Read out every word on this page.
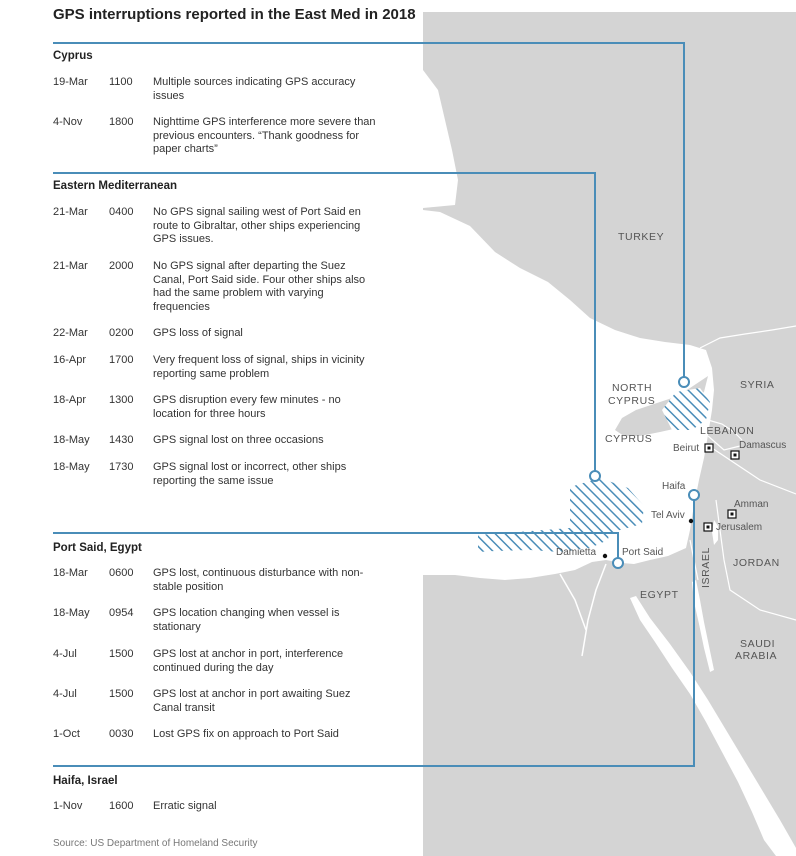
TURKEY
SYRIA
NORTH
CYPRUS
CYPRUS
LEBANON
Beirut	Damascus
Haifa
Tel Aviv
Amman
Jerusalem
ISRAEL JORDAN
Damietta	Port Said
EGYPT
SAUDI
ARABIA
GPS interruptions reported in the East Med in 2018
Cyprus
19-Mar	1100	Multiple sources indicating GPS accuracy issues
4-Nov	1800	Nighttime GPS interference more severe than previous encounters. “Thank goodness for paper charts”
Eastern Mediterranean
21-Mar	0400	No GPS signal sailing west of Port Said en route to Gibraltar, other ships experiencing GPS issues.
21-Mar	2000	No GPS signal after departing the Suez Canal, Port Said side. Four other ships also had the same problem with varying frequencies
22-Mar	0200	GPS loss of signal
16-Apr	1700	Very frequent loss of signal, ships in vicinity reporting same problem
18-Apr	1300	GPS disruption every few minutes - no location for three hours
18-May	1430	GPS signal lost on three occasions
18-May	1730	GPS signal lost or incorrect, other ships reporting the same issue
Port Said, Egypt
18-Mar	0600	GPS lost, continuous disturbance with non-stable position
18-May	0954	GPS location changing when vessel is stationary
4-Jul	1500	GPS lost at anchor in port, interference continued during the day
4-Jul	1500	GPS lost at anchor in port awaiting Suez Canal transit
1-Oct	0030	Lost GPS fix on approach to Port Said
Haifa, Israel
1-Nov	1600	Erratic signal
Source: US Department of Homeland Security
